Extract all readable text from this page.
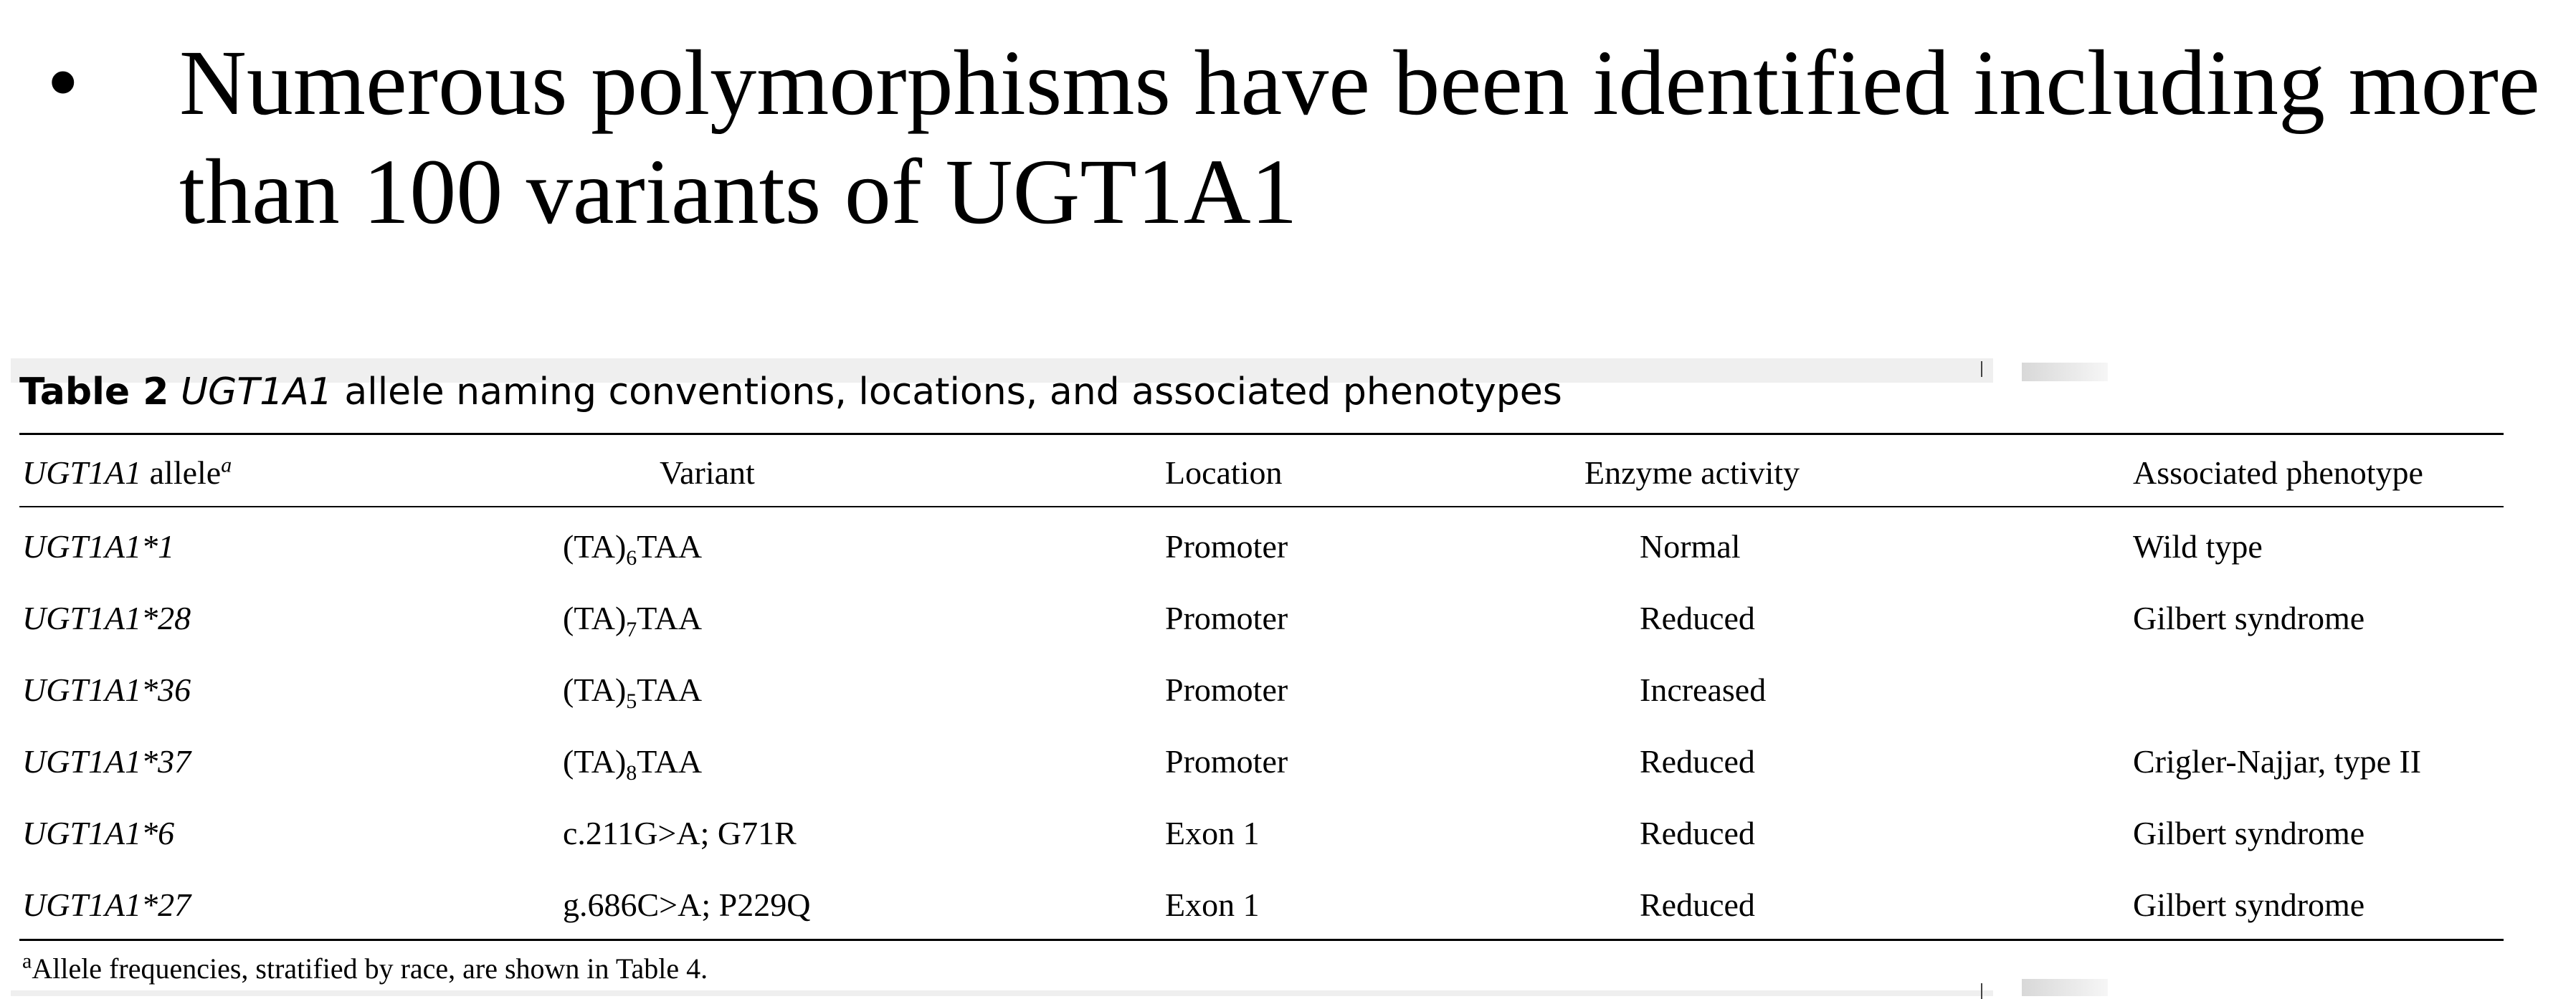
•	Numerous polymorphisms have been identified including more than 100 variants of UGT1A1
Table 2 UGT1A1 allele naming conventions, locations, and associated phenotypes
UGT1A1 allele$^a$	Variant	Location	Enzyme activity	Associated phenotype
UGT1A1*1	$(TA)_6TAA$	Promoter	Normal	Wild type
UGT1A1*28	$(TA)_7TAA$	Promoter	Reduced	Gilbert syndrome
UGT1A1*36	$(TA)_5TAA$	Promoter	Increased
UGT1A1*37	$(TA)_8TAA$	Promoter	Reduced	Crigler-Najjar, type II
UGT1A1*6	c.211G>A; G71R	Exon 1	Reduced	Gilbert syndrome
UGT1A1*27	g.686C>A; P229Q	Exon 1	Reduced	Gilbert syndrome
$^a$Allele frequencies, stratified by race, are shown in Table 4.
